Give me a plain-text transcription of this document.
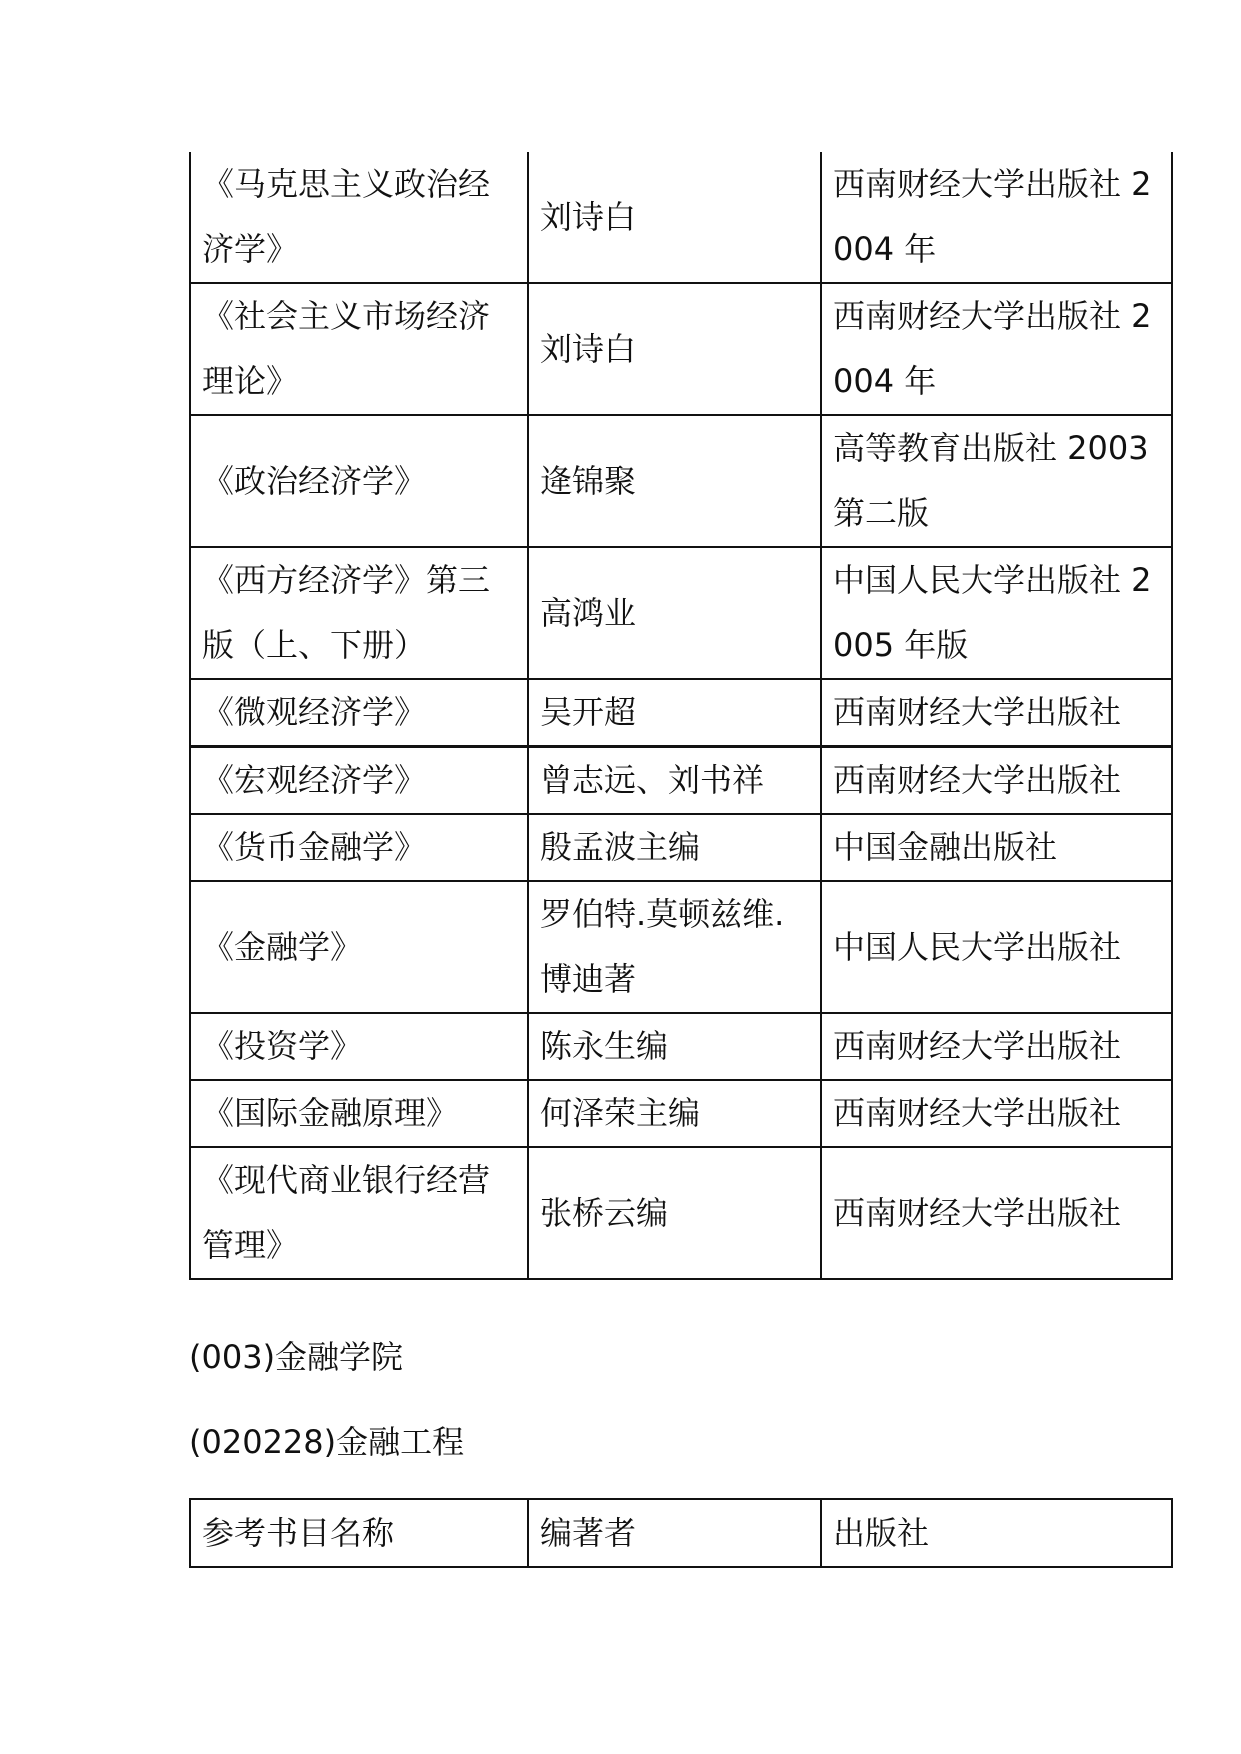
《马克思主义政治经济学》	刘诗白	西南财经大学出版社 2004 年
《社会主义市场经济理论》	刘诗白	西南财经大学出版社 2004 年
《政治经济学》	逄锦聚	高等教育出版社 2003 第二版
《西方经济学》第三版（上、下册）	高鸿业	中国人民大学出版社 2005 年版
《微观经济学》	吴开超	西南财经大学出版社
《宏观经济学》	曾志远、刘书祥	西南财经大学出版社
《货币金融学》	殷孟波主编	中国金融出版社
《金融学》	罗伯特.莫顿兹维.博迪著	中国人民大学出版社
《投资学》	陈永生编	西南财经大学出版社
《国际金融原理》	何泽荣主编	西南财经大学出版社
《现代商业银行经营管理》	张桥云编	西南财经大学出版社
(003)金融学院
(020228)金融工程
参考书目名称	编著者	出版社
